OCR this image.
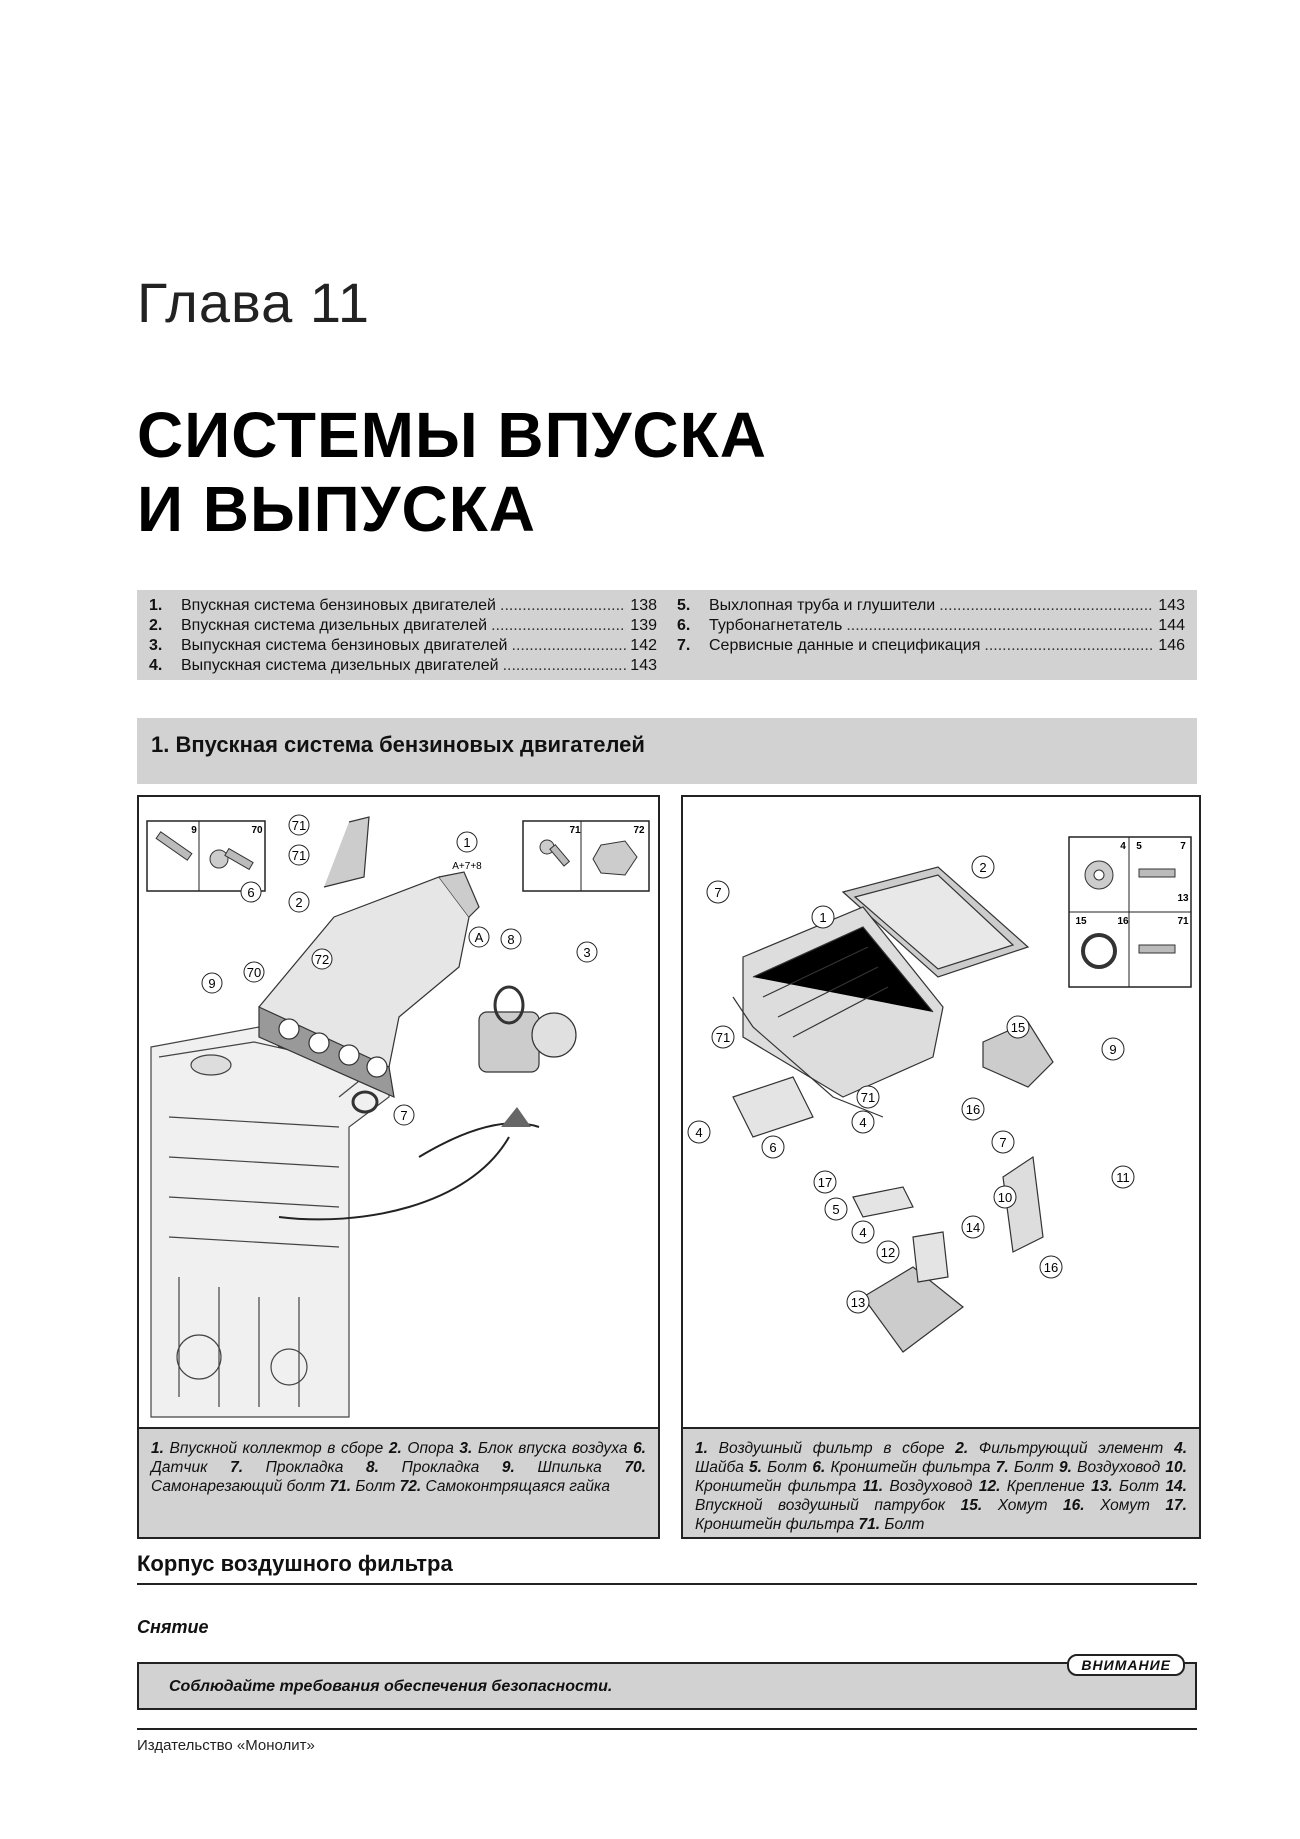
Глава 11
СИСТЕМЫ ВПУСКА
И ВЫПУСКА
1.	Впускная система бензиновых двигателей .....	138
2.	Впускная система дизельных двигателей .....	139
3.	Выпускная система бензиновых двигателей .....	142
4.	Выпускная система дизельных двигателей .....	143
5.	Выхлопная труба и глушители .....	143
6.	Турбонагнетатель .....	144
7.	Сервисные данные и спецификация .....	146
1. Впускная система бензиновых двигателей
71
71
2
1
6
70
72
9
A 8
3
7
A+7+8
9	70	71	72
1. Впускной коллектор в сборе 2. Опора 3. Блок впуска воздуха 6. Датчик 7. Прокладка 8. Прокладка 9. Шпилька 70. Самонарезающий болт 71. Болт 72. Самоконтрящаяся гайка
7
1
2
71
4
6
71
4
15
9
16
7
11
17
10
5
4	14
12
16
13
4 5	7
13
15	16	71
1. Воздушный фильтр в сборе 2. Фильтрующий элемент 4. Шайба 5. Болт 6. Кронштейн фильтра 7. Болт 9. Воздуховод 10. Кронштейн фильтра 11. Воздуховод 12. Крепление 13. Болт 14. Впускной воздушный патрубок 15. Хомут 16. Хомут 17. Кронштейн фильтра 71. Болт
Корпус воздушного фильтра
Снятие
ВНИМАНИЕ
Соблюдайте требования обеспечения безопасности.
Издательство «Монолит»
